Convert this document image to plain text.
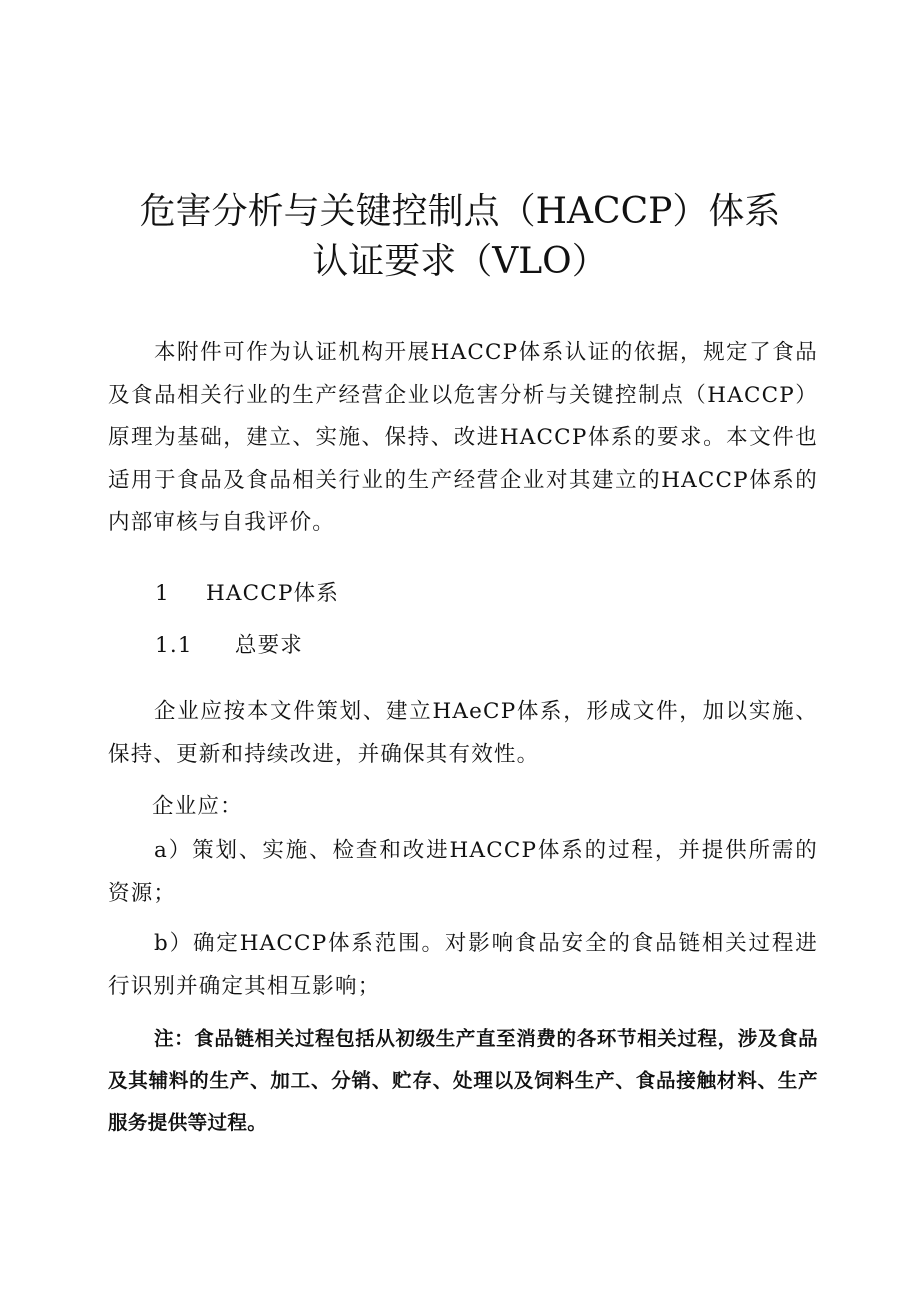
危害分析与关键控制点（HACCP）体系
认证要求（VLO）
本附件可作为认证机构开展HACCP体系认证的依据，规定了食品及食品相关行业的生产经营企业以危害分析与关键控制点（HACCP）原理为基础，建立、实施、保持、改进HACCP体系的要求。本文件也适用于食品及食品相关行业的生产经营企业对其建立的HACCP体系的内部审核与自我评价。
1 HACCP体系
1.1 总要求
企业应按本文件策划、建立HAeCP体系，形成文件，加以实施、保持、更新和持续改进，并确保其有效性。
企业应：
a）策划、实施、检查和改进HACCP体系的过程，并提供所需的资源；
b）确定HACCP体系范围。对影响食品安全的食品链相关过程进行识别并确定其相互影响；
注：食品链相关过程包括从初级生产直至消费的各环节相关过程，涉及食品及其辅料的生产、加工、分销、贮存、处理以及饲料生产、食品接触材料、生产服务提供等过程。
